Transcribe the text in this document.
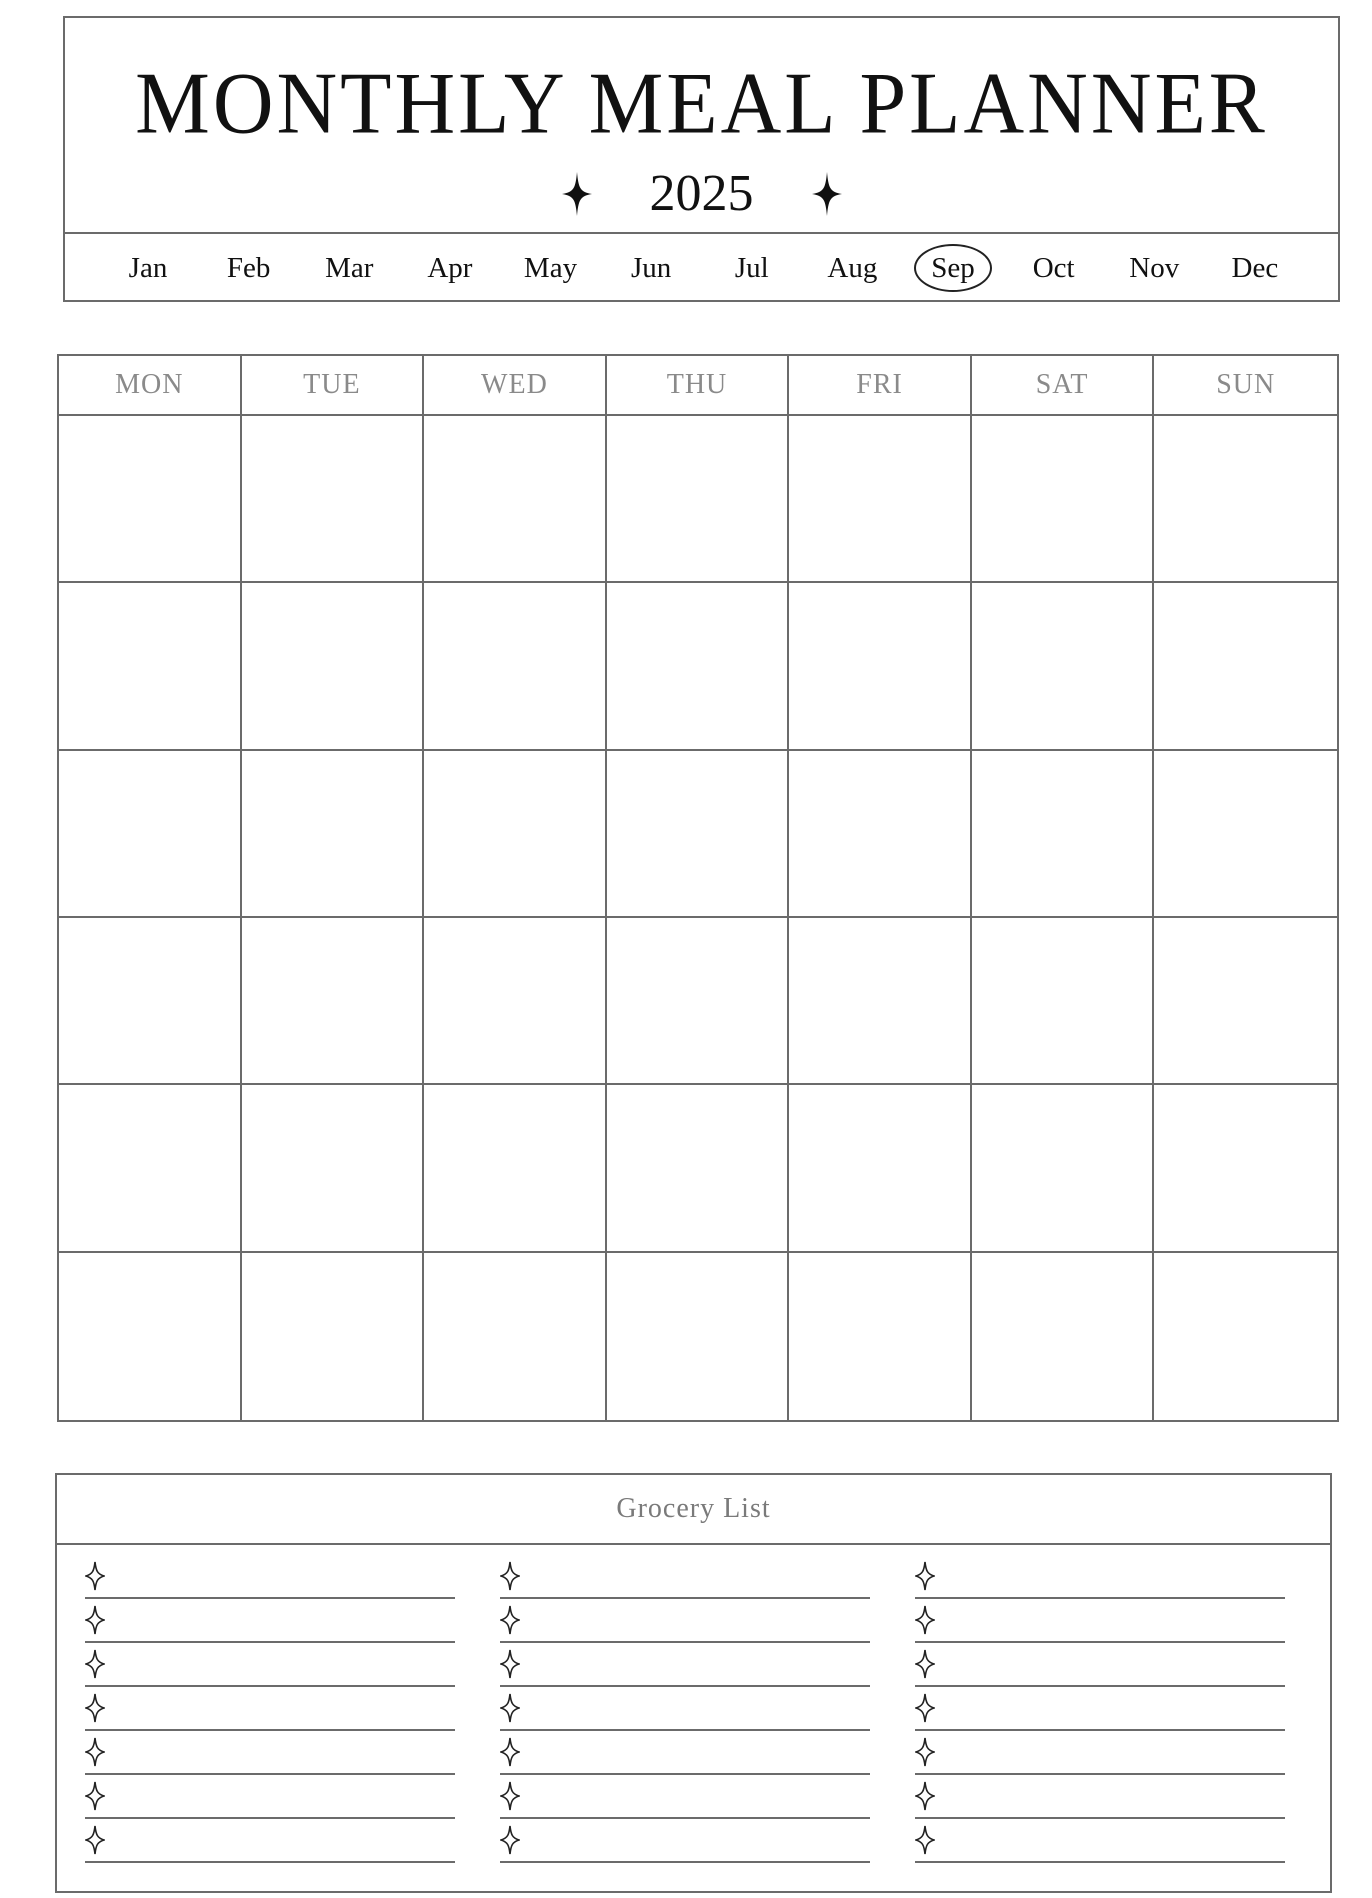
MONTHLY MEAL PLANNER
2025
Jan	Feb	Mar	Apr	May	Jun	Jul	Aug	Sep	Oct	Nov	Dec
MON	TUE	WED	THU	FRI	SAT	SUN
Grocery List
